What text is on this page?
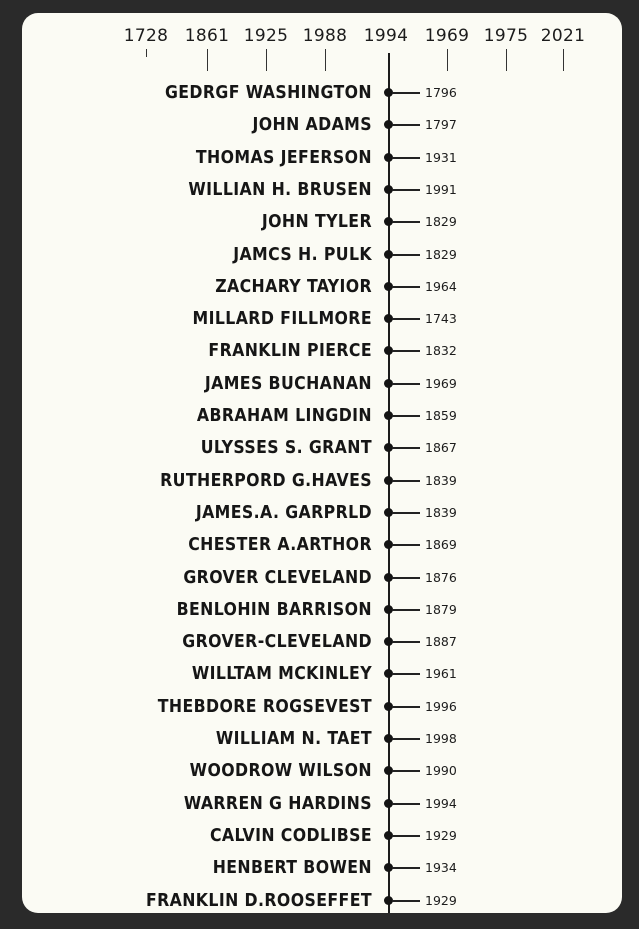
1728 1861 1925 1988 1994 1969 1975 2021
GEDRGF WASHINGTON	1796
JOHN ADAMS	1797
THOMAS JEFERSON	1931
WILLIAN H. BRUSEN	1991
JOHN TYLER	1829
JAMCS H. PULK	1829
ZACHARY TAYIOR	1964
MILLARD FILLMORE	1743
FRANKLIN PIERCE	1832
JAMES BUCHANAN	1969
ABRAHAM LINGDIN	1859
ULYSSES S. GRANT	1867
RUTHERPORD G.HAVES	1839
JAMES.A. GARPRLD	1839
CHESTER A.ARTHOR	1869
GROVER CLEVELAND	1876
BENLOHIN BARRISON	1879
GROVER-CLEVELAND	1887
WILLTAM MCKINLEY	1961
THEBDORE ROGSEVEST	1996
WILLIAM N. TAET	1998
WOODROW WILSON	1990
WARREN G HARDINS	1994
CALVIN CODLIBSE	1929
HENBERT BOWEN	1934
FRANKLIN D.ROOSEFFET	1929
